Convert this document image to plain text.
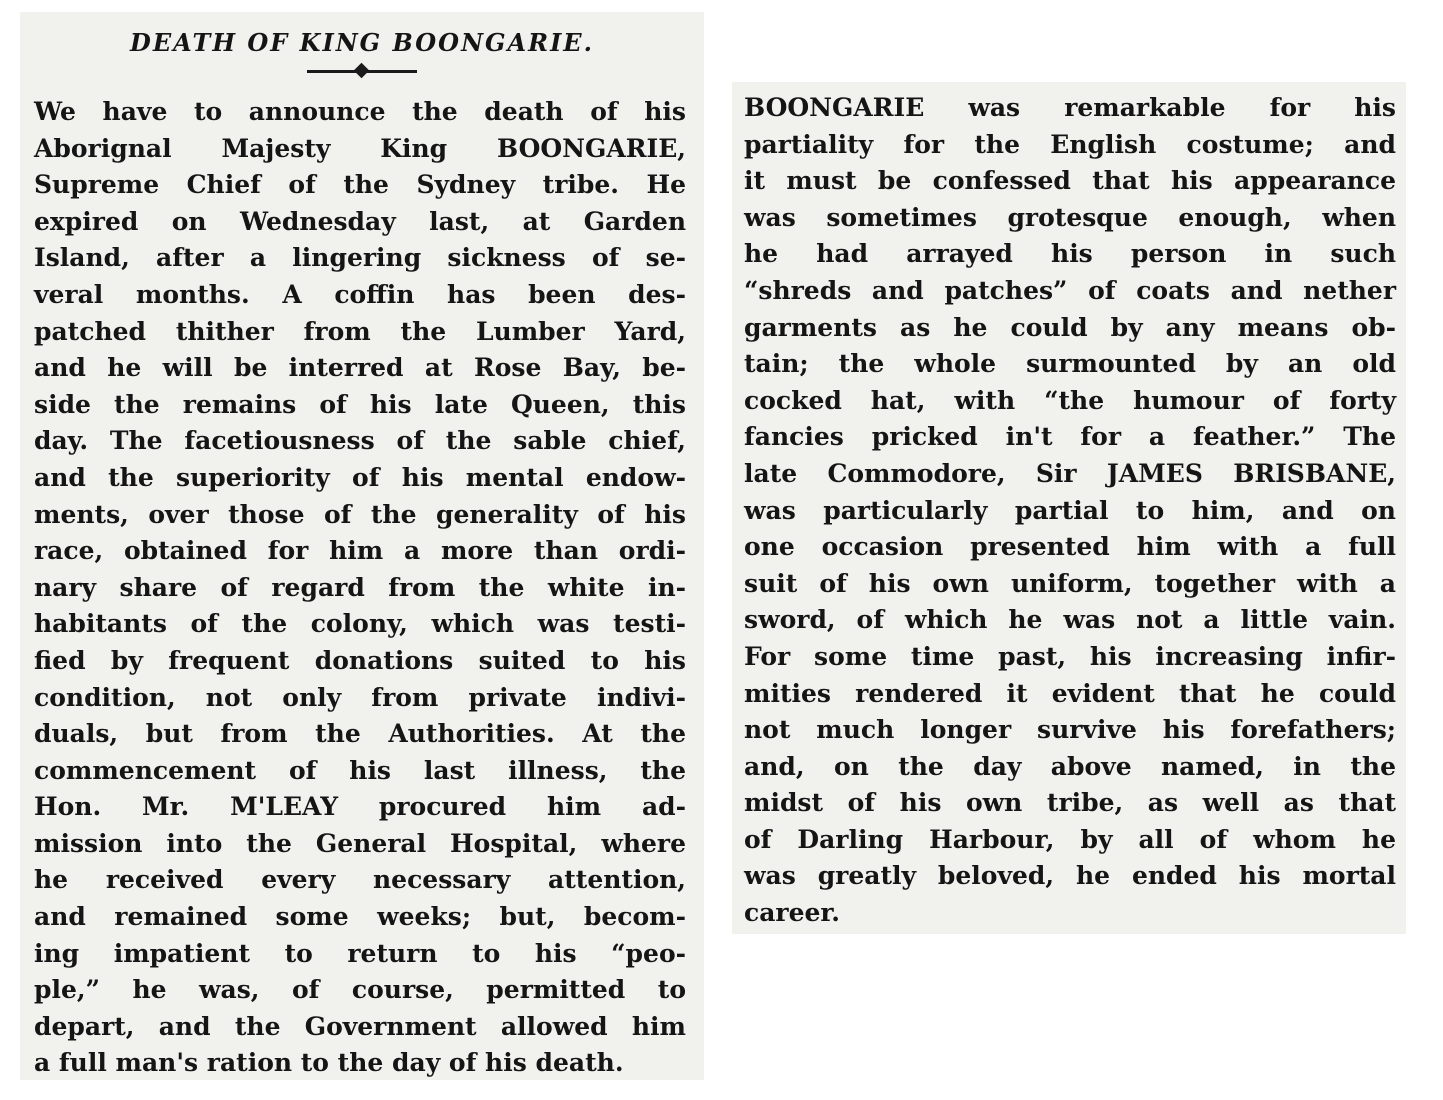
DEATH OF KING BOONGARIE.
We have to announce the death of his
Aborignal Majesty King BOONGARIE,
Supreme Chief of the Sydney tribe. He
expired on Wednesday last, at Garden
Island, after a lingering sickness of se-
veral months. A coffin has been des-
patched thither from the Lumber Yard,
and he will be interred at Rose Bay, be-
side the remains of his late Queen, this
day. The facetiousness of the sable chief,
and the superiority of his mental endow-
ments, over those of the generality of his
race, obtained for him a more than ordi-
nary share of regard from the white in-
habitants of the colony, which was testi-
fied by frequent donations suited to his
condition, not only from private indivi-
duals, but from the Authorities. At the
commencement of his last illness, the
Hon. Mr. M'LEAY procured him ad-
mission into the General Hospital, where
he received every necessary attention,
and remained some weeks; but, becom-
ing impatient to return to his “peo-
ple,” he was, of course, permitted to
depart, and the Government allowed him
a full man's ration to the day of his death.
BOONGARIE was remarkable for his
partiality for the English costume; and
it must be confessed that his appearance
was sometimes grotesque enough, when
he had arrayed his person in such
“shreds and patches” of coats and nether
garments as he could by any means ob-
tain; the whole surmounted by an old
cocked hat, with “the humour of forty
fancies pricked in't for a feather.” The
late Commodore, Sir JAMES BRISBANE,
was particularly partial to him, and on
one occasion presented him with a full
suit of his own uniform, together with a
sword, of which he was not a little vain.
For some time past, his increasing infir-
mities rendered it evident that he could
not much longer survive his forefathers;
and, on the day above named, in the
midst of his own tribe, as well as that
of Darling Harbour, by all of whom he
was greatly beloved, he ended his mortal
career.
